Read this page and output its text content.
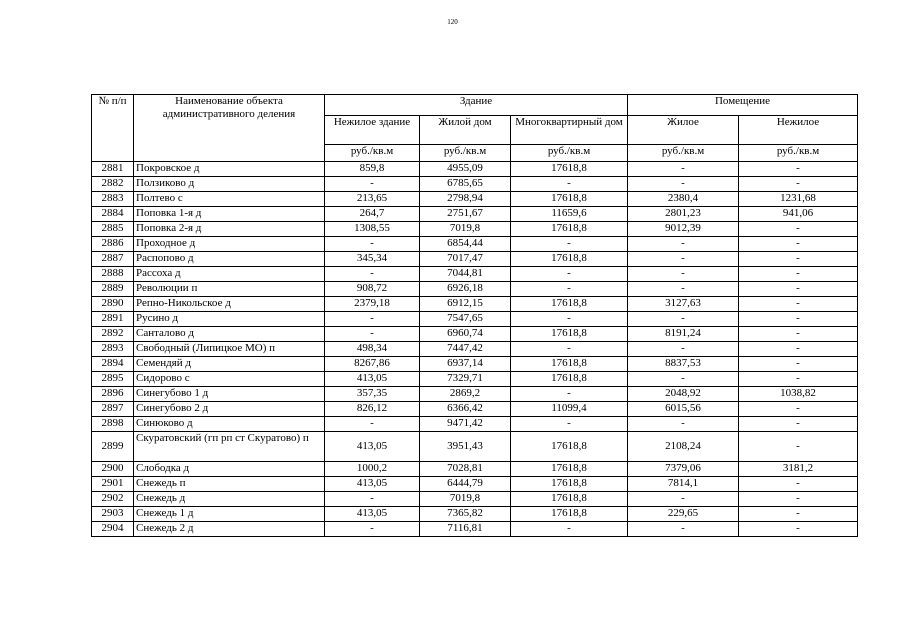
120
№ п/п	Наименование объекта административного деления	Здание			Помещение	
		Нежилое здание	Жилой дом	Многоквартирный дом	Жилое	Нежилое
		руб./кв.м	руб./кв.м	руб./кв.м	руб./кв.м	руб./кв.м
2881	Покровское д	859,8	4955,09	17618,8	-	-
2882	Ползиково д	-	6785,65	-	-	-
2883	Полтево с	213,65	2798,94	17618,8	2380,4	1231,68
2884	Поповка 1-я д	264,7	2751,67	11659,6	2801,23	941,06
2885	Поповка 2-я д	1308,55	7019,8	17618,8	9012,39	-
2886	Проходное д	-	6854,44	-	-	-
2887	Распопово д	345,34	7017,47	17618,8	-	-
2888	Рассоха д	-	7044,81	-	-	-
2889	Революции п	908,72	6926,18	-	-	-
2890	Репно-Никольское д	2379,18	6912,15	17618,8	3127,63	-
2891	Русино д	-	7547,65	-	-	-
2892	Санталово д	-	6960,74	17618,8	8191,24	-
2893	Свободный (Липицкое МО) п	498,34	7447,42	-	-	-
2894	Семендяй д	8267,86	6937,14	17618,8	8837,53	-
2895	Сидорово с	413,05	7329,71	17618,8	-	-
2896	Синегубово 1 д	357,35	2869,2	-	2048,92	1038,82
2897	Синегубово 2 д	826,12	6366,42	11099,4	6015,56	-
2898	Синюково д	-	9471,42	-	-	-
2899	Скуратовский (гп рп ст Скуратово) п	413,05	3951,43	17618,8	2108,24	-
2900	Слободка д	1000,2	7028,81	17618,8	7379,06	3181,2
2901	Снежедь п	413,05	6444,79	17618,8	7814,1	-
2902	Снежедь д	-	7019,8	17618,8	-	-
2903	Снежедь 1 д	413,05	7365,82	17618,8	229,65	-
2904	Снежедь 2 д	-	7116,81	-	-	-
